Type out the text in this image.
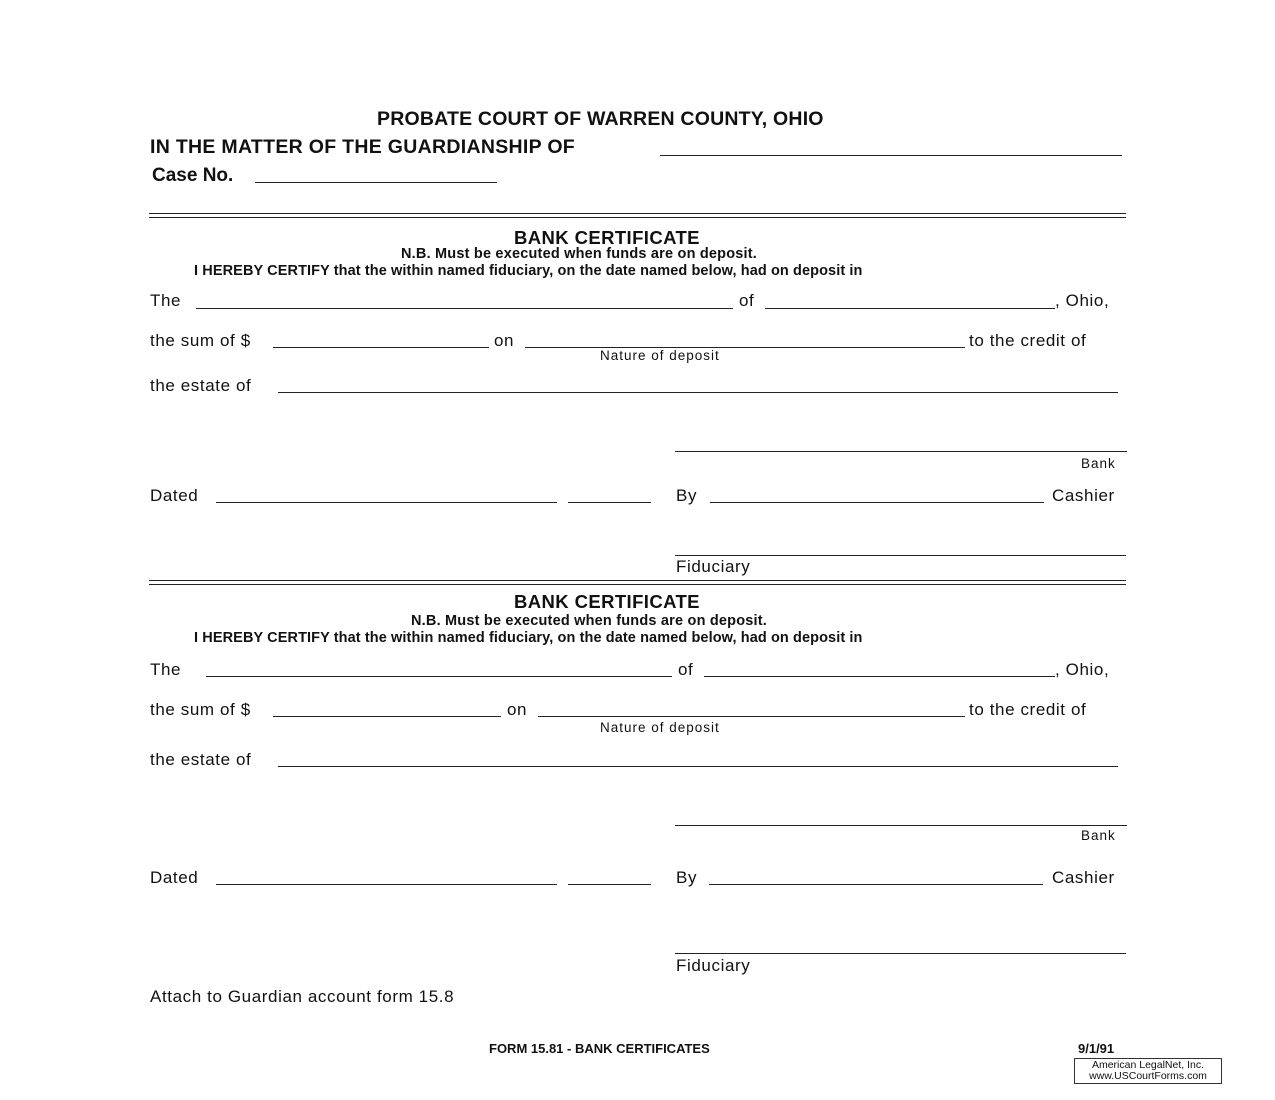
PROBATE COURT OF WARREN COUNTY, OHIO
IN THE MATTER OF THE GUARDIANSHIP OF
Case No.
BANK CERTIFICATE
N.B. Must be executed when funds are on deposit.
I HEREBY CERTIFY that the within named fiduciary, on the date named below, had on deposit in
The	of	, Ohio,
the sum of $	on
Nature of deposit
to the credit of
the estate of
Bank
Dated	By	Cashier
Fiduciary
BANK CERTIFICATE
N.B. Must be executed when funds are on deposit.
I HEREBY CERTIFY that the within named fiduciary, on the date named below, had on deposit in
The	of	, Ohio,
the sum of $	on
Nature of deposit
to the credit of
the estate of
Bank
Dated	By	Cashier
Fiduciary
Attach to Guardian account form 15.8
FORM 15.81 - BANK CERTIFICATES	9/1/91
American LegalNet, Inc.
www.USCourtForms.com
